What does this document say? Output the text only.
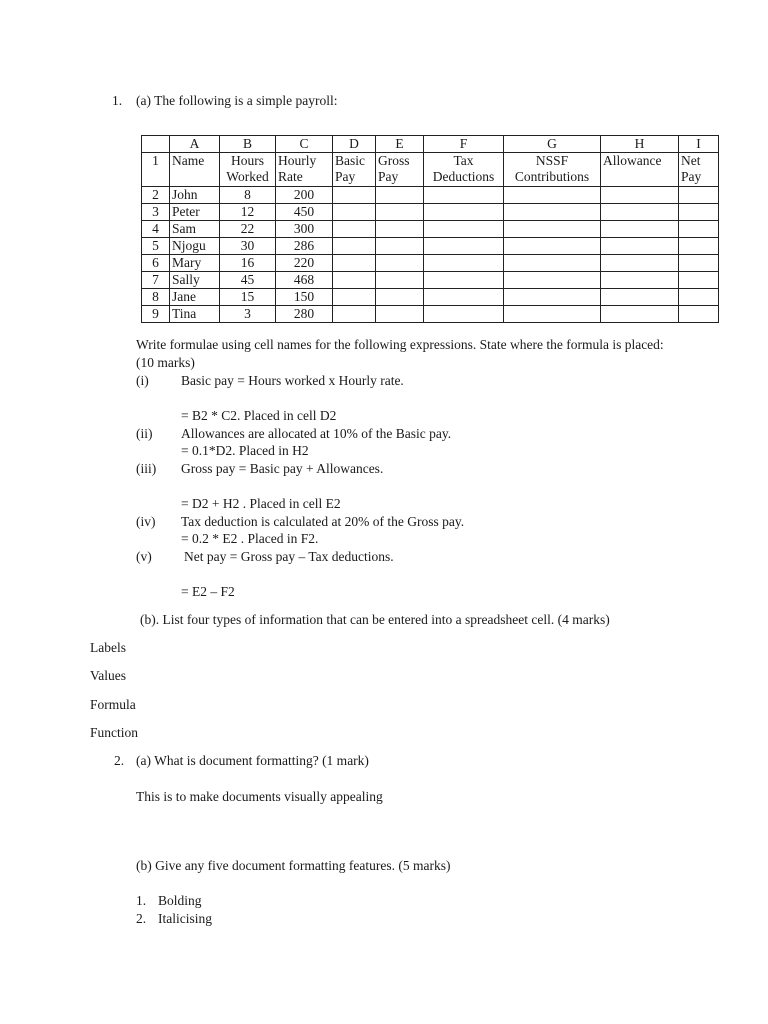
1. (a) The following is a simple payroll:
	A	B	C	D	E	F	G	H	I
1	Name	Hours Worked	Hourly Rate	Basic Pay	Gross Pay	Tax Deductions	NSSF Contributions	Allowance	Net Pay
2	John	8	200						
3	Peter	12	450						
4	Sam	22	300						
5	Njogu	30	286						
6	Mary	16	220						
7	Sally	45	468						
8	Jane	15	150						
9	Tina	3	280						
Write formulae using cell names for the following expressions. State where the formula is placed:
(10 marks)
(i) Basic pay = Hours worked x Hourly rate.
= B2 * C2. Placed in cell D2
(ii) Allowances are allocated at 10% of the Basic pay.
= 0.1*D2. Placed in H2
(iii) Gross pay = Basic pay + Allowances.
= D2 + H2 . Placed in cell E2
(iv) Tax deduction is calculated at 20% of the Gross pay.
= 0.2 * E2 . Placed in F2.
(v) Net pay = Gross pay – Tax deductions.
= E2 – F2
(b). List four types of information that can be entered into a spreadsheet cell. (4 marks)
Labels
Values
Formula
Function
2. (a) What is document formatting? (1 mark)
This is to make documents visually appealing
(b) Give any five document formatting features. (5 marks)
1. Bolding
2. Italicising
